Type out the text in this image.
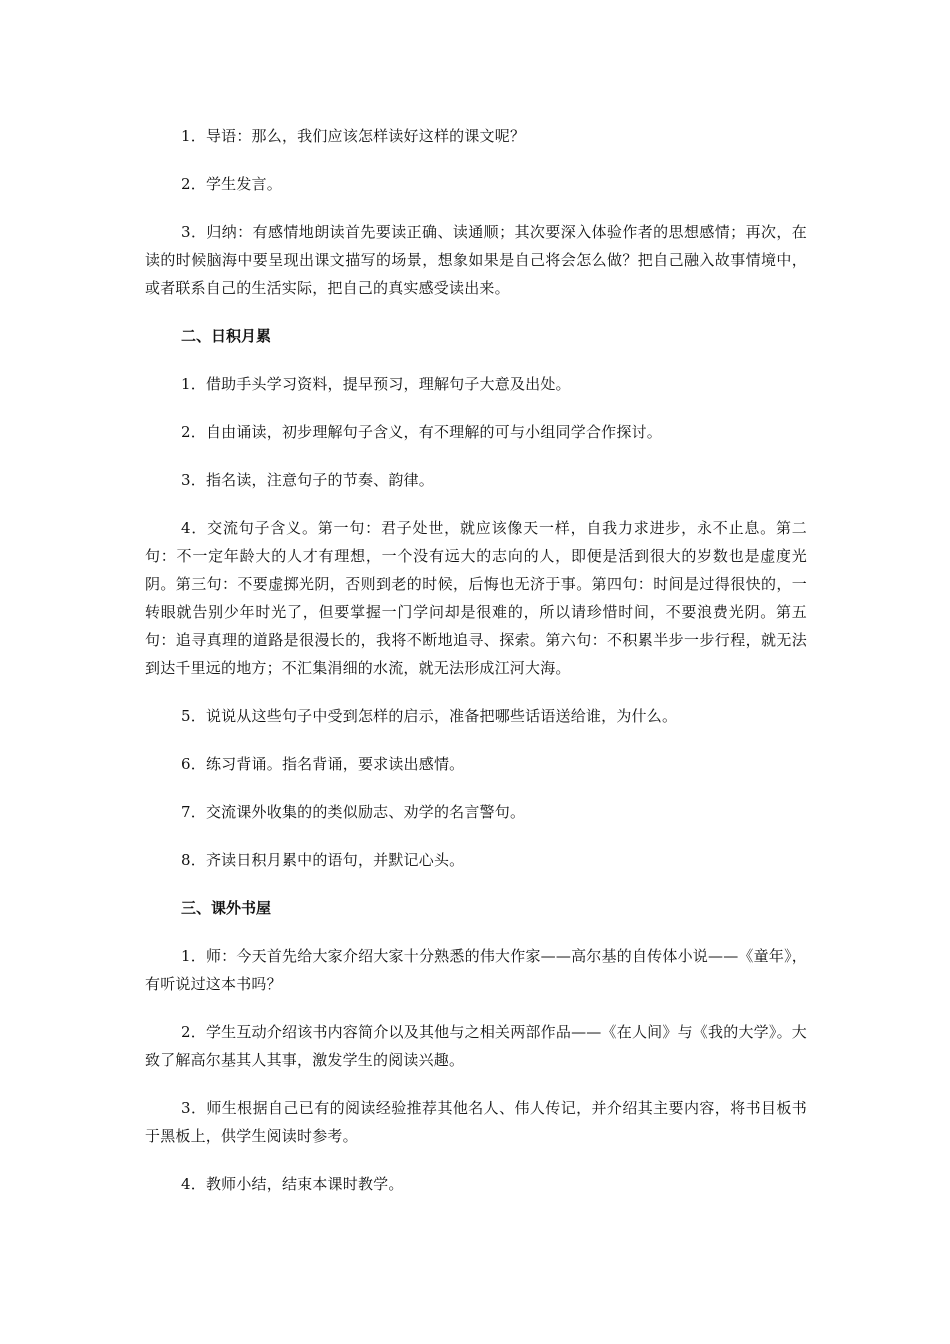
1．导语：那么，我们应该怎样读好这样的课文呢？

2．学生发言。

3．归纳：有感情地朗读首先要读正确、读通顺；其次要深入体验作者的思想感情；再次，在读的时候脑海中要呈现出课文描写的场景，想象如果是自己将会怎么做？把自己融入故事情境中，或者联系自己的生活实际，把自己的真实感受读出来。

二、日积月累

1．借助手头学习资料，提早预习，理解句子大意及出处。

2．自由诵读，初步理解句子含义，有不理解的可与小组同学合作探讨。

3．指名读，注意句子的节奏、韵律。

4．交流句子含义。第一句：君子处世，就应该像天一样，自我力求进步，永不止息。第二句：不一定年龄大的人才有理想，一个没有远大的志向的人，即便是活到很大的岁数也是虚度光阴。第三句：不要虚掷光阴，否则到老的时候，后悔也无济于事。第四句：时间是过得很快的，一转眼就告别少年时光了，但要掌握一门学问却是很难的，所以请珍惜时间，不要浪费光阴。第五句：追寻真理的道路是很漫长的，我将不断地追寻、探索。第六句：不积累半步一步行程，就无法到达千里远的地方；不汇集涓细的水流，就无法形成江河大海。

5．说说从这些句子中受到怎样的启示，准备把哪些话语送给谁，为什么。

6．练习背诵。指名背诵，要求读出感情。

7．交流课外收集的的类似励志、劝学的名言警句。

8．齐读日积月累中的语句，并默记心头。

三、课外书屋

1．师：今天首先给大家介绍大家十分熟悉的伟大作家——高尔基的自传体小说——《童年》，有听说过这本书吗？

2．学生互动介绍该书内容简介以及其他与之相关两部作品——《在人间》与《我的大学》。大致了解高尔基其人其事，激发学生的阅读兴趣。

3．师生根据自己已有的阅读经验推荐其他名人、伟人传记，并介绍其主要内容，将书目板书于黑板上，供学生阅读时参考。

4．教师小结，结束本课时教学。
